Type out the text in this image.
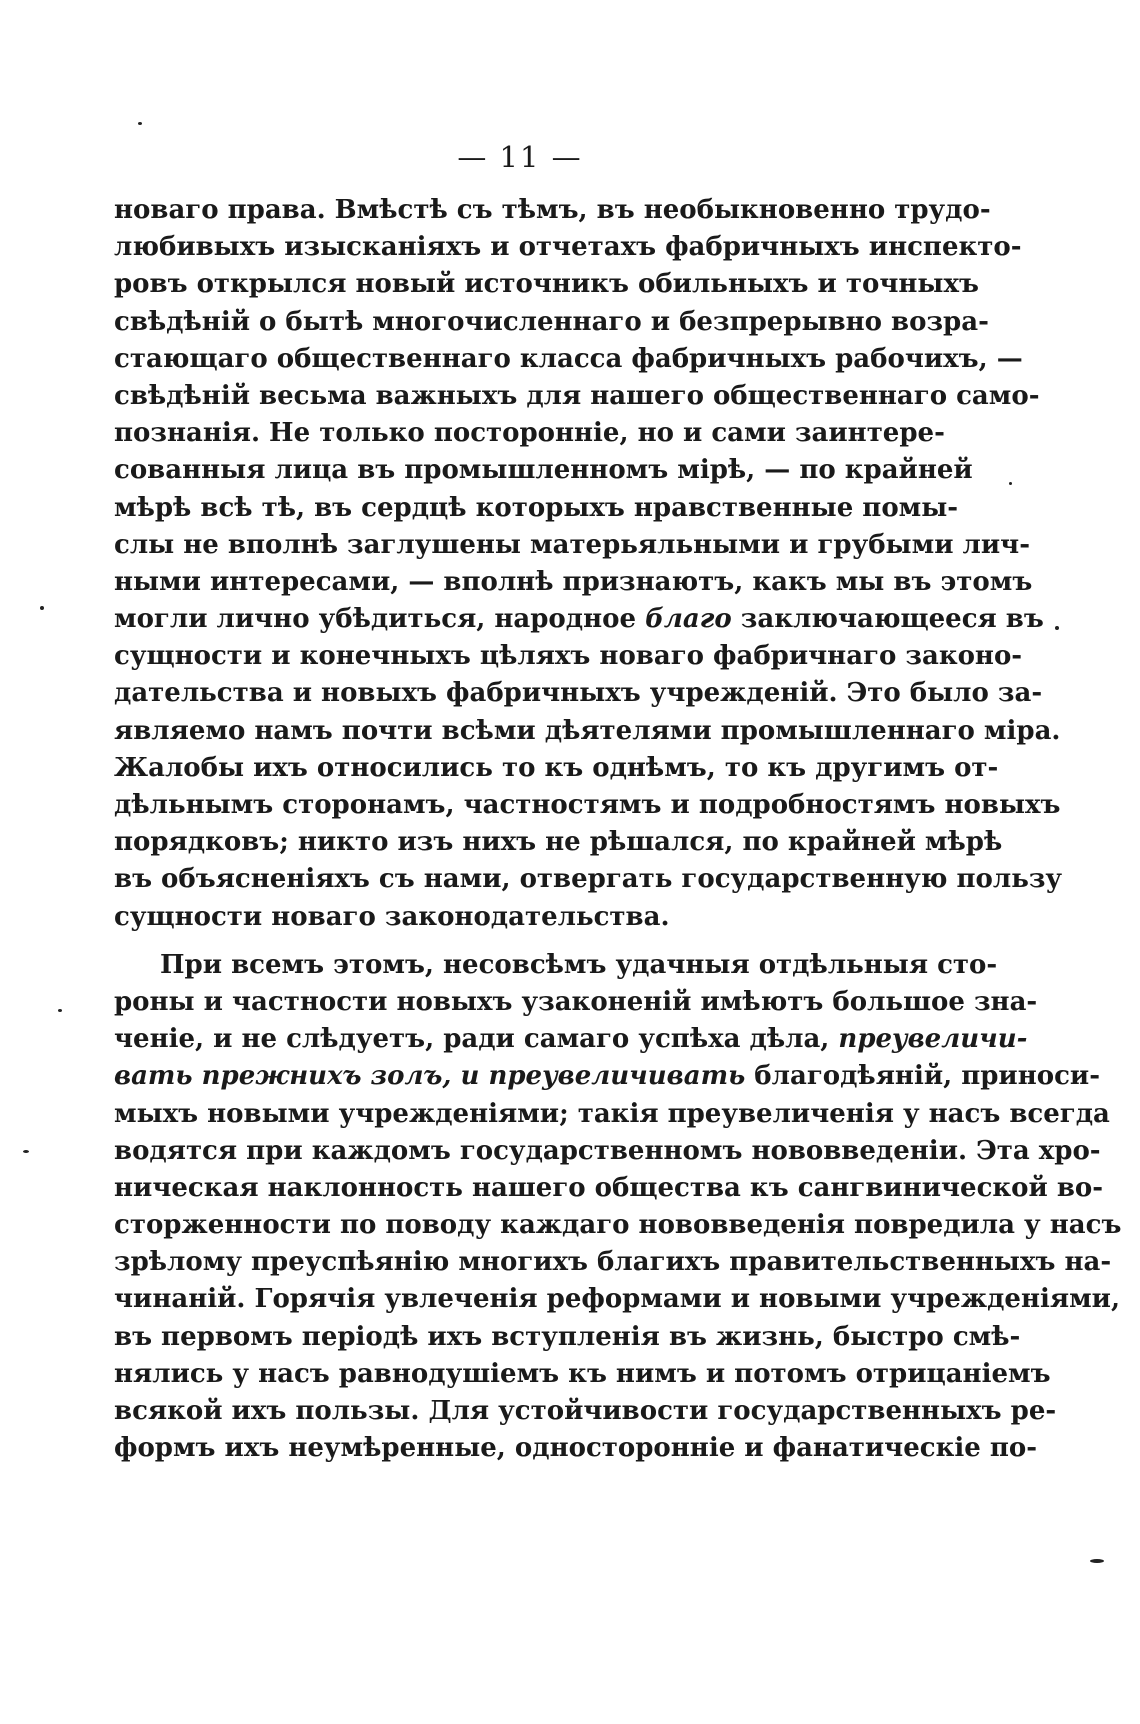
— 11 —
новаго права. Вмѣстѣ съ тѣмъ, въ необыкновенно трудо-
любивыхъ изысканіяхъ и отчетахъ фабричныхъ инспекто-
ровъ открылся новый источникъ обильныхъ и точныхъ
свѣдѣній о бытѣ многочисленнаго и безпрерывно возра-
стающаго общественнаго класса фабричныхъ рабочихъ, —
свѣдѣній весьма важныхъ для нашего общественнаго само-
познанія. Не только посторонніе, но и сами заинтере-
сованныя лица въ промышленномъ мірѣ, — по крайней
мѣрѣ всѣ тѣ, въ сердцѣ которыхъ нравственные помы-
слы не вполнѣ заглушены матерьяльными и грубыми лич-
ными интересами, — вполнѣ признаютъ, какъ мы въ этомъ
могли лично убѣдиться, народное благо заключающееся въ
сущности и конечныхъ цѣляхъ новаго фабричнаго законо-
дательства и новыхъ фабричныхъ учрежденій. Это было за-
являемо намъ почти всѣми дѣятелями промышленнаго міра.
Жалобы ихъ относились то къ однѣмъ, то къ другимъ от-
дѣльнымъ сторонамъ, частностямъ и подробностямъ новыхъ
порядковъ; никто изъ нихъ не рѣшался, по крайней мѣрѣ
въ объясненіяхъ съ нами, отвергать государственную пользу
сущности новаго законодательства.
При всемъ этомъ, несовсѣмъ удачныя отдѣльныя сто-
роны и частности новыхъ узаконеній имѣютъ большое зна-
ченіе, и не слѣдуетъ, ради самаго успѣха дѣла, преувеличи-
вать прежнихъ золъ, и преувеличивать благодѣяній, приноси-
мыхъ новыми учрежденіями; такія преувеличенія у насъ всегда
водятся при каждомъ государственномъ нововведеніи. Эта хро-
ническая наклонность нашего общества къ сангвинической во-
сторженности по поводу каждаго нововведенія повредила у насъ
зрѣлому преуспѣянію многихъ благихъ правительственныхъ на-
чинаній. Горячія увлеченія реформами и новыми учрежденіями,
въ первомъ періодѣ ихъ вступленія въ жизнь, быстро смѣ-
нялись у насъ равнодушіемъ къ нимъ и потомъ отрицаніемъ
всякой ихъ пользы. Для устойчивости государственныхъ ре-
формъ ихъ неумѣренные, односторонніе и фанатическіе по-
